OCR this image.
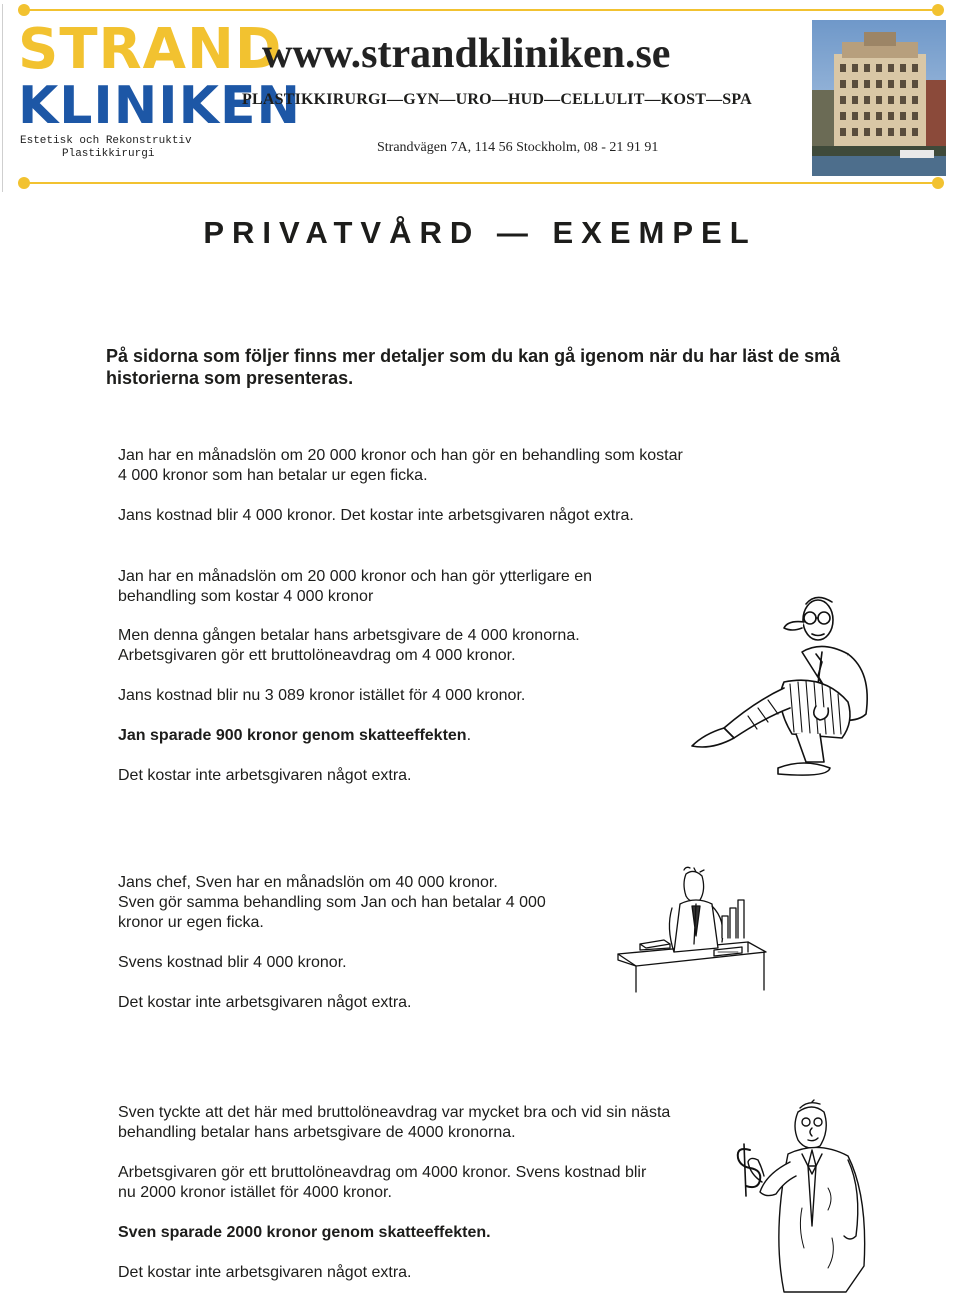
STRAND
KLINIKEN
Estetisk och Rekonstruktiv
Plastikkirurgi
www.strandkliniken.se
PLASTIKKIRURGI—GYN—URO—HUD—CELLULIT—KOST—SPA
Strandvägen 7A, 114 56 Stockholm, 08 - 21 91 91
PRIVATVÅRD — EXEMPEL
På sidorna som följer finns mer detaljer som du kan gå igenom när du har läst de små historierna som presenteras.
Jan har en månadslön om 20 000 kronor och han gör en behandling som kostar
4 000 kronor som han betalar ur egen ficka.
Jans kostnad blir 4 000 kronor. Det kostar inte arbetsgivaren något extra.
Jan har en månadslön om 20 000 kronor och han gör ytterligare en
behandling som kostar 4 000 kronor
Men denna gången betalar hans arbetsgivare de 4 000 kronorna.
Arbetsgivaren gör ett bruttolöneavdrag om 4 000 kronor.
Jans kostnad blir nu 3 089 kronor istället för 4 000 kronor.
Jan sparade 900 kronor genom skatteeffekten.
Det kostar inte arbetsgivaren något extra.
Jans chef, Sven har en månadslön om 40 000 kronor.
Sven gör samma behandling som Jan och han betalar 4 000
kronor ur egen ficka.
Svens kostnad blir 4 000 kronor.
Det kostar inte arbetsgivaren något extra.
Sven tyckte att det här med bruttolöneavdrag var mycket bra och vid sin nästa
behandling betalar hans arbetsgivare de 4000 kronorna.
Arbetsgivaren gör ett bruttolöneavdrag om 4000 kronor. Svens kostnad blir
nu 2000 kronor istället för 4000 kronor.
Sven sparade 2000 kronor genom skatteeffekten.
Det kostar inte arbetsgivaren något extra.
